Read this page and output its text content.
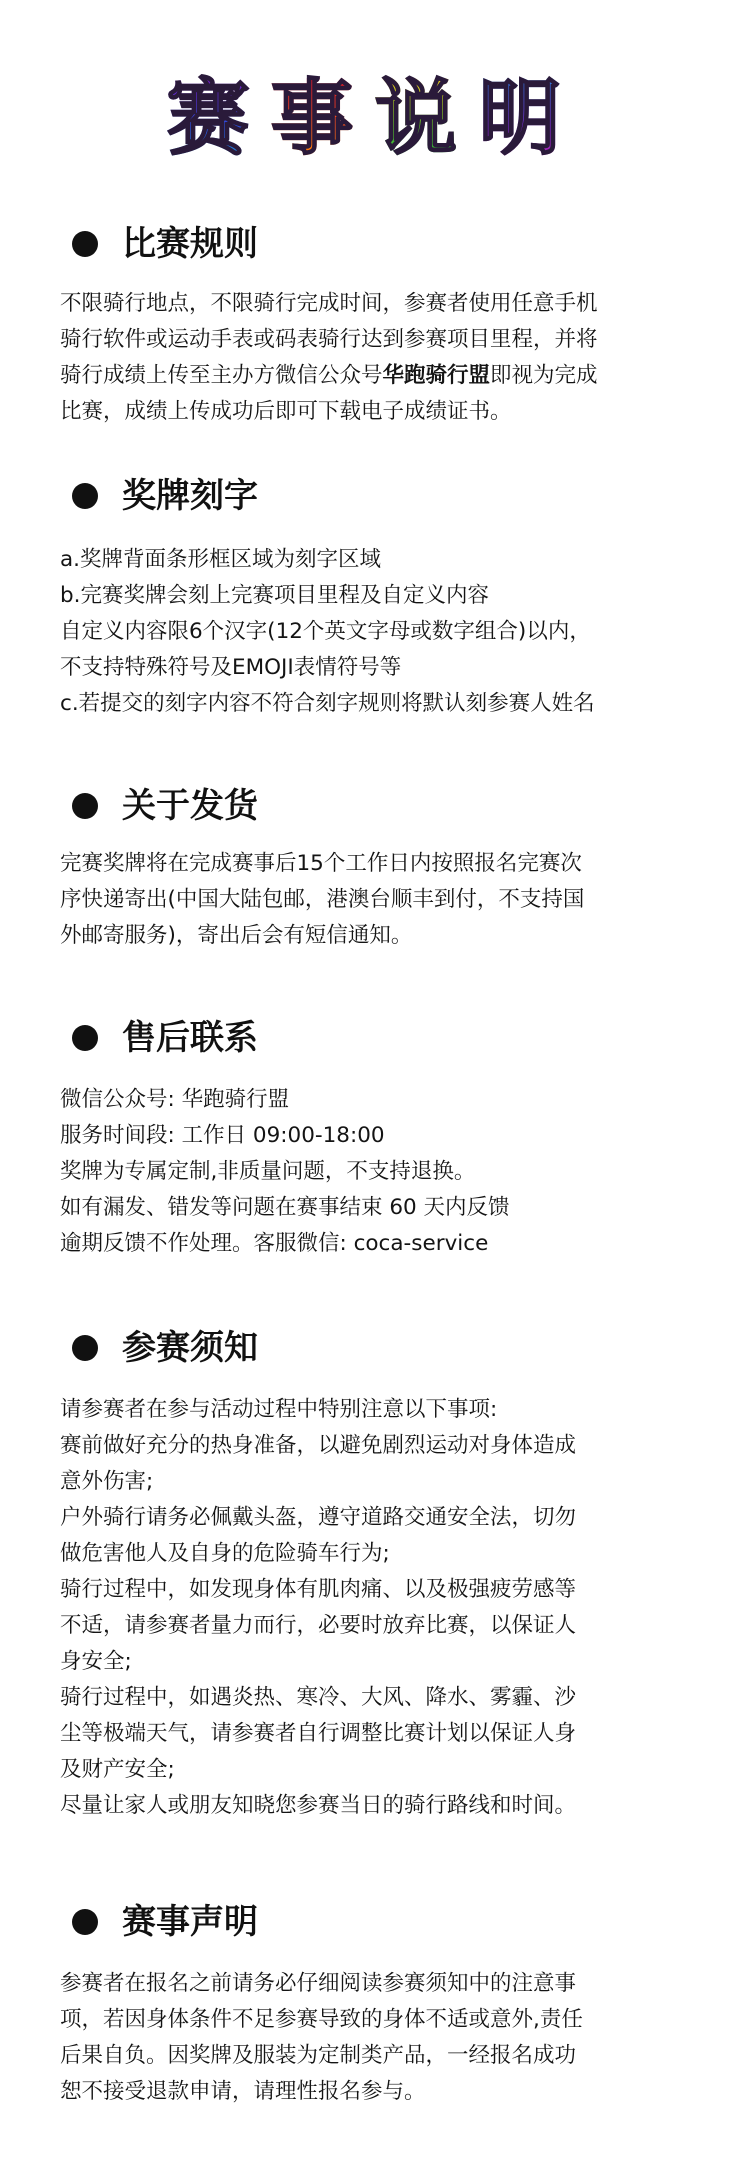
赛事说明
比赛规则
不限骑行地点，不限骑行完成时间，参赛者使用任意手机
骑行软件或运动手表或码表骑行达到参赛项目里程，并将
骑行成绩上传至主办方微信公众号华跑骑行盟即视为完成
比赛，成绩上传成功后即可下载电子成绩证书。
奖牌刻字
a.奖牌背面条形框区域为刻字区域
b.完赛奖牌会刻上完赛项目里程及自定义内容
自定义内容限6个汉字(12个英文字母或数字组合)以内，
不支持特殊符号及EMOJI表情符号等
c.若提交的刻字内容不符合刻字规则将默认刻参赛人姓名
关于发货
完赛奖牌将在完成赛事后15个工作日内按照报名完赛次
序快递寄出(中国大陆包邮，港澳台顺丰到付，不支持国
外邮寄服务)，寄出后会有短信通知。
售后联系
微信公众号: 华跑骑行盟
服务时间段: 工作日 09:00-18:00
奖牌为专属定制,非质量问题，不支持退换。
如有漏发、错发等问题在赛事结束 60 天内反馈
逾期反馈不作处理。客服微信: coca-service
参赛须知
请参赛者在参与活动过程中特别注意以下事项:
赛前做好充分的热身准备，以避免剧烈运动对身体造成
意外伤害;
户外骑行请务必佩戴头盔，遵守道路交通安全法，切勿
做危害他人及自身的危险骑车行为;
骑行过程中，如发现身体有肌肉痛、以及极强疲劳感等
不适，请参赛者量力而行，必要时放弃比赛，以保证人
身安全;
骑行过程中，如遇炎热、寒冷、大风、降水、雾霾、沙
尘等极端天气，请参赛者自行调整比赛计划以保证人身
及财产安全;
尽量让家人或朋友知晓您参赛当日的骑行路线和时间。
赛事声明
参赛者在报名之前请务必仔细阅读参赛须知中的注意事
项，若因身体条件不足参赛导致的身体不适或意外,责任
后果自负。因奖牌及服装为定制类产品，一经报名成功
恕不接受退款申请，请理性报名参与。
